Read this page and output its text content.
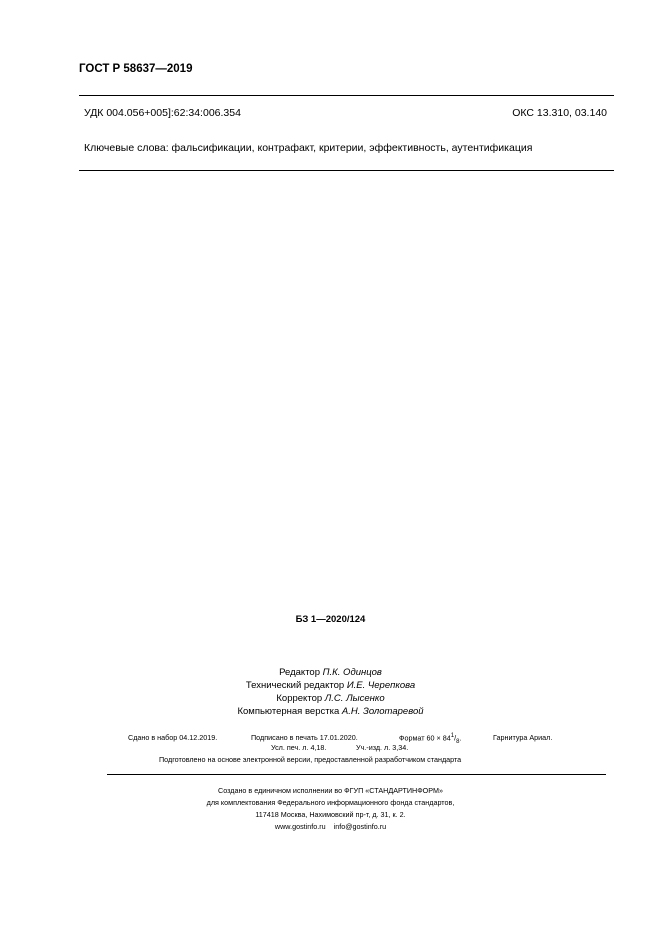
ГОСТ Р 58637—2019
УДК 004.056+005]:62:34:006.354	ОКС 13.310, 03.140
Ключевые слова: фальсификации, контрафакт, критерии, эффективность, аутентификация
БЗ 1—2020/124
Редактор П.К. Одинцов
Технический редактор И.Е. Черепкова
Корректор Л.С. Лысенко
Компьютерная верстка А.Н. Золотаревой
Сдано в набор 04.12.2019.	Подписано в печать 17.01.2020.	Формат $60 \times 84^1/_8$.	Гарнитура Ариал.
Усл. печ. л. 4,18.	Уч.-изд. л. 3,34.
Подготовлено на основе электронной версии, предоставленной разработчиком стандарта
Создано в единичном исполнении во ФГУП «СТАНДАРТИНФОРМ»
для комплектования Федерального информационного фонда стандартов,
117418 Москва, Нахимовский пр-т, д. 31, к. 2.
www.gostinfo.ru info@gostinfo.ru
